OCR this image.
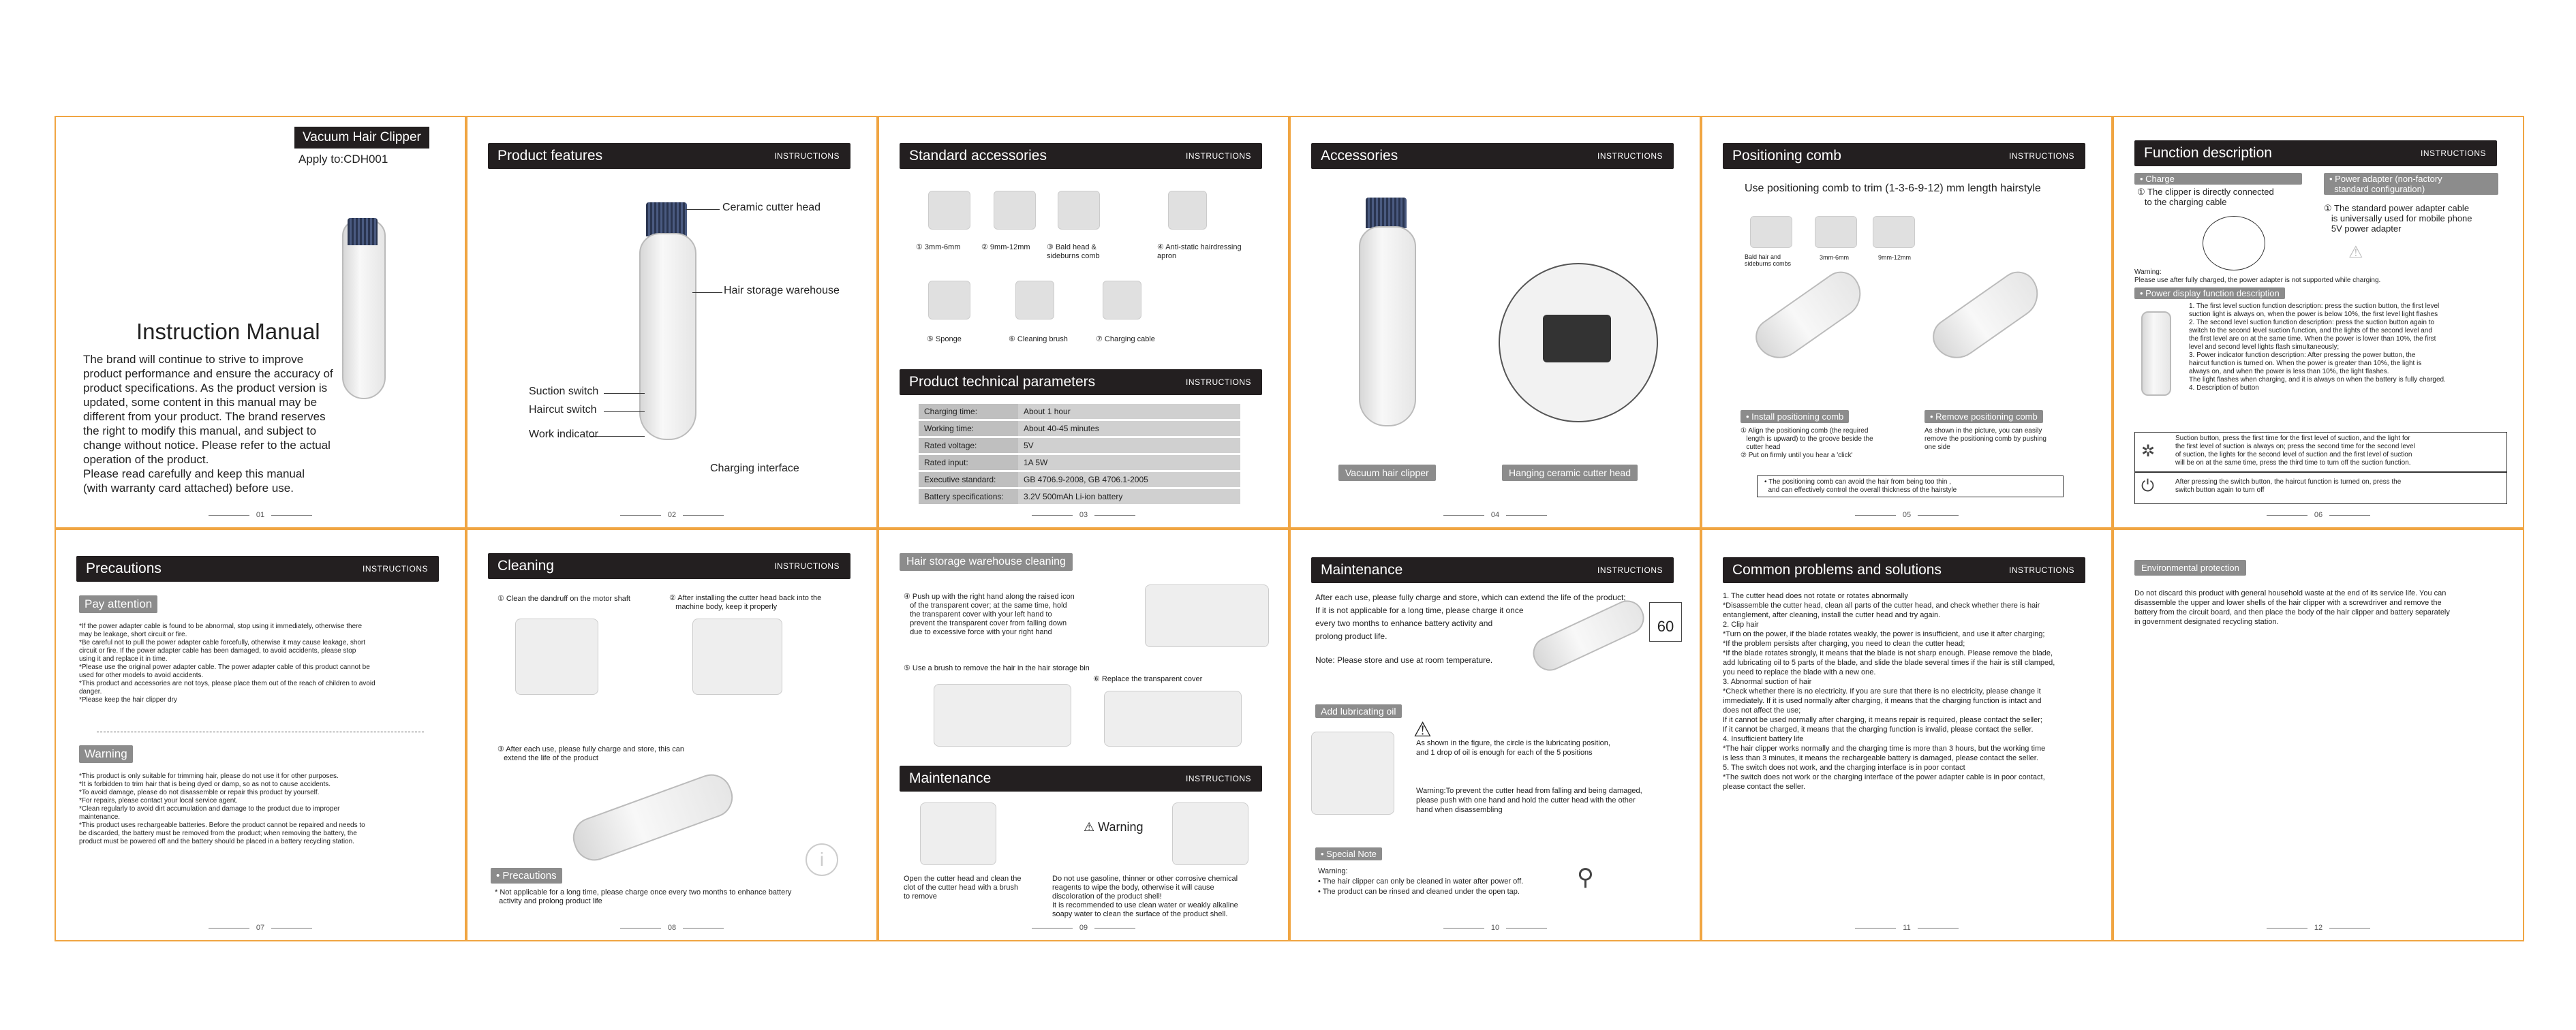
Vacuum Hair Clipper
Apply to:CDH001
Instruction Manual
The brand will continue to strive to improve
product performance and ensure the accuracy of
product specifications. As the product version is
updated, some content in this manual may be
different from your product. The brand reserves
the right to modify this manual, and subject to
change without notice. Please refer to the actual
operation of the product.
Please read carefully and keep this manual
(with warranty card attached) before use.
01
Product features	INSTRUCTIONS
Ceramic cutter head
Hair storage warehouse
Suction switch
Haircut switch
Work indicator
Charging interface
02
Standard accessories	INSTRUCTIONS
① 3mm-6mm	② 9mm-12mm ③ Bald head & sideburns comb
④ Anti-static hairdressing apron
⑤ Sponge	⑥ Cleaning brush	⑦ Charging cable
Product technical parameters	INSTRUCTIONS
Charging time:	About 1 hour
Working time:	About 40-45 minutes
Rated voltage:	5V
Rated input:	1A 5W
Executive standard:	GB 4706.9-2008, GB 4706.1-2005
Battery specifications:	3.2V 500mAh Li-ion battery
03
Accessories	INSTRUCTIONS
Vacuum hair clipper	Hanging ceramic cutter head
04
Positioning comb	INSTRUCTIONS
Use positioning comb to trim (1-3-6-9-12) mm length hairstyle
Bald hair and sideburns combs
3mm-6mm	9mm-12mm
• Install positioning comb	• Remove positioning comb
① Align the positioning comb (the required
length is upward) to the groove beside the
cutter head
② Put on firmly until you hear a 'click'
As shown in the picture, you can easily
remove the positioning comb by pushing
one side
• The positioning comb can avoid the hair from being too thin ,
and can effectively control the overall thickness of the hairstyle
05
Function description	INSTRUCTIONS
• Charge
① The clipper is directly connected
to the charging cable
• Power adapter (non-factory
standard configuration)
① The standard power adapter cable
is universally used for mobile phone
5V power adapter
⚠
Warning:
Please use after fully charged, the power adapter is not supported while charging.
• Power display function description
1. The first level suction function description: press the suction button, the first level
suction light is always on, when the power is below 10%, the first level light flashes
2. The second level suction function description: press the suction button again to
switch to the second level suction function, and the lights of the second level and
the first level are on at the same time. When the power is lower than 10%, the first
level and second level lights flash simultaneously;
3. Power indicator function description: After pressing the power button, the
haircut function is turned on. When the power is greater than 10%, the light is
always on, and when the power is less than 10%, the light flashes.
The light flashes when charging, and it is always on when the battery is fully charged.
4. Description of button
✲
Suction button, press the first time for the first level of suction, and the light for
the first level of suction is always on; press the second time for the second level
of suction, the lights for the second level of suction and the first level of suction
will be on at the same time, press the third time to turn off the suction function.
⏻	After pressing the switch button, the haircut function is turned on, press the
switch button again to turn off
06
Precautions	INSTRUCTIONS
Pay attention
*If the power adapter cable is found to be abnormal, stop using it immediately, otherwise there
may be leakage, short circuit or fire.
*Be careful not to pull the power adapter cable forcefully, otherwise it may cause leakage, short
circuit or fire. If the power adapter cable has been damaged, to avoid accidents, please stop
using it and replace it in time.
*Please use the original power adapter cable. The power adapter cable of this product cannot be
used for other models to avoid accidents.
*This product and accessories are not toys, please place them out of the reach of children to avoid
danger.
*Please keep the hair clipper dry
Warning
*This product is only suitable for trimming hair, please do not use it for other purposes.
*It is forbidden to trim hair that is being dyed or damp, so as not to cause accidents.
*To avoid damage, please do not disassemble or repair this product by yourself.
*For repairs, please contact your local service agent.
*Clean regularly to avoid dirt accumulation and damage to the product due to improper
maintenance.
*This product uses rechargeable batteries. Before the product cannot be repaired and needs to
be discarded, the battery must be removed from the product; when removing the battery, the
product must be powered off and the battery should be placed in a battery recycling station.
07
Cleaning	INSTRUCTIONS
① Clean the dandruff on the motor shaft	② After installing the cutter head back into the
machine body, keep it properly
③ After each use, please fully charge and store, this can
extend the life of the product
i
• Precautions
* Not applicable for a long time, please charge once every two months to enhance battery
activity and prolong product life
08
Hair storage warehouse cleaning
④ Push up with the right hand along the raised icon
of the transparent cover; at the same time, hold
the transparent cover with your left hand to
prevent the transparent cover from falling down
due to excessive force with your right hand
⑤ Use a brush to remove the hair in the hair storage bin
⑥ Replace the transparent cover
Maintenance	INSTRUCTIONS
⚠ Warning
Open the cutter head and clean the
clot of the cutter head with a brush
to remove
Do not use gasoline, thinner or other corrosive chemical
reagents to wipe the body, otherwise it will cause
discoloration of the product shell!
It is recommended to use clean water or weakly alkaline
soapy water to clean the surface of the product shell.
09
Maintenance	INSTRUCTIONS
After each use, please fully charge and store, which can extend the life of the product;
If it is not applicable for a long time, please charge it once
every two months to enhance battery activity and
prolong product life.
Note: Please store and use at room temperature.
60
Add lubricating oil
⚠
As shown in the figure, the circle is the lubricating position,
and 1 drop of oil is enough for each of the 5 positions
Warning:To prevent the cutter head from falling and being damaged,
please push with one hand and hold the cutter head with the other
hand when disassembling
• Special Note
Warning:
• The hair clipper can only be cleaned in water after power off.
• The product can be rinsed and cleaned under the open tap.
⚲
10
Common problems and solutions	INSTRUCTIONS
1. The cutter head does not rotate or rotates abnormally
*Disassemble the cutter head, clean all parts of the cutter head, and check whether there is hair
entanglement, after cleaning, install the cutter head and try again.
2. Clip hair
*Turn on the power, if the blade rotates weakly, the power is insufficient, and use it after charging;
*If the problem persists after charging, you need to clean the cutter head;
*If the blade rotates strongly, it means that the blade is not sharp enough. Please remove the blade,
add lubricating oil to 5 parts of the blade, and slide the blade several times if the hair is still clamped,
you need to replace the blade with a new one.
3. Abnormal suction of hair
*Check whether there is no electricity. If you are sure that there is no electricity, please change it
immediately. If it is used normally after charging, it means that the charging function is intact and
does not affect the use;
If it cannot be used normally after charging, it means repair is required, please contact the seller;
If it cannot be charged, it means that the charging function is invalid, please contact the seller.
4. Insufficient battery life
*The hair clipper works normally and the charging time is more than 3 hours, but the working time
is less than 3 minutes, it means the rechargeable battery is damaged, please contact the seller.
5. The switch does not work, and the charging interface is in poor contact
*The switch does not work or the charging interface of the power adapter cable is in poor contact,
please contact the seller.
11
Environmental protection
Do not discard this product with general household waste at the end of its service life. You can
disassemble the upper and lower shells of the hair clipper with a screwdriver and remove the
battery from the circuit board, and then place the body of the hair clipper and battery separately
in government designated recycling station.
12
